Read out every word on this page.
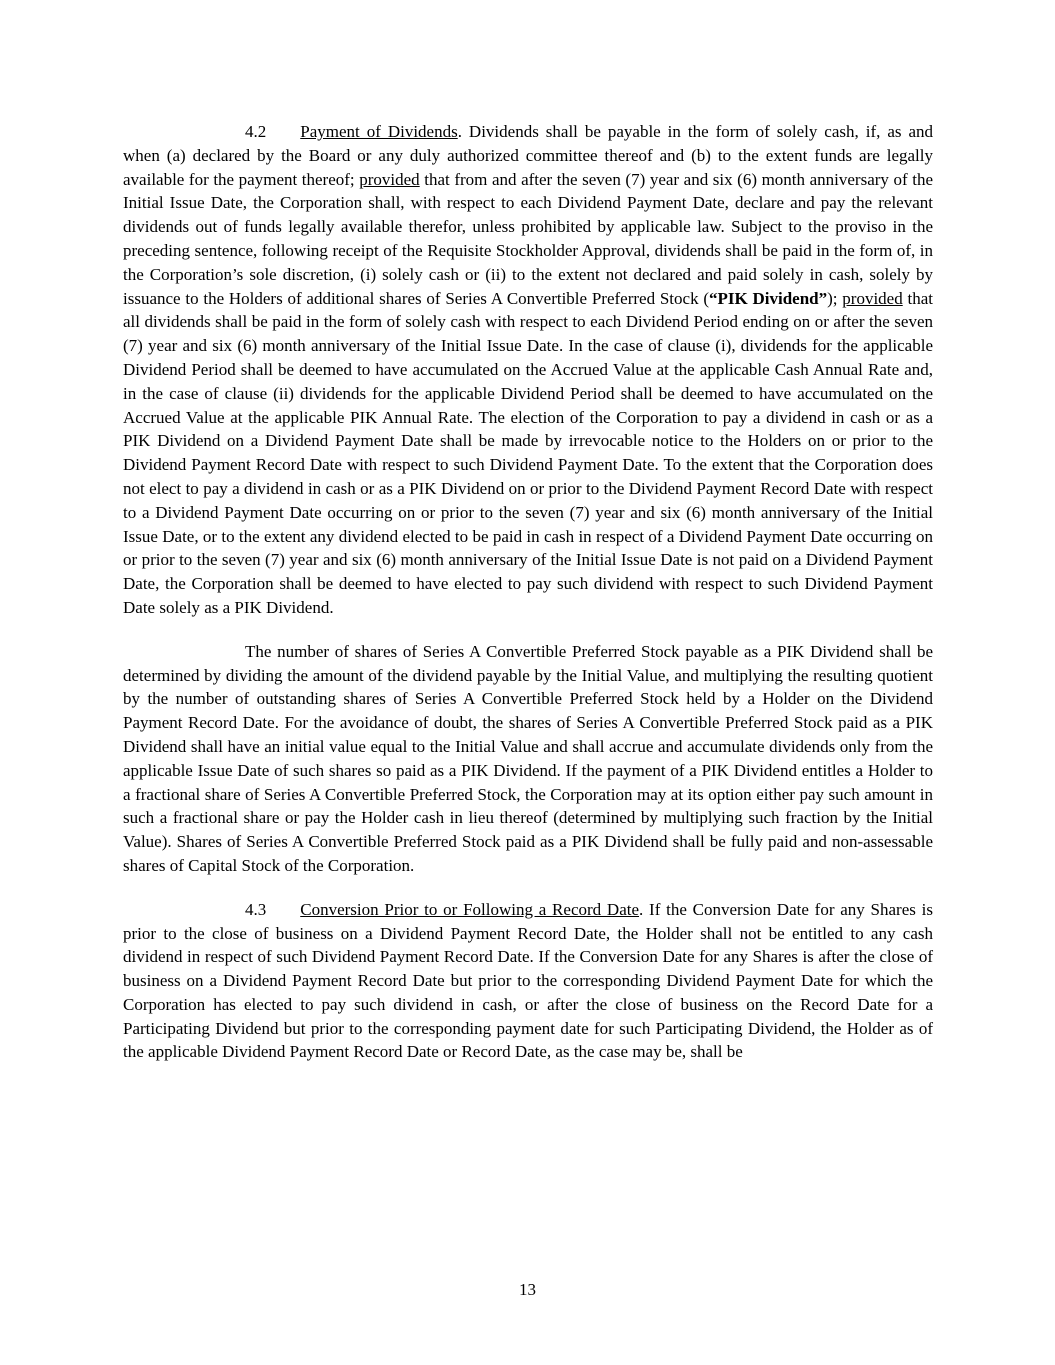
4.2 Payment of Dividends. Dividends shall be payable in the form of solely cash, if, as and when (a) declared by the Board or any duly authorized committee thereof and (b) to the extent funds are legally available for the payment thereof; provided that from and after the seven (7) year and six (6) month anniversary of the Initial Issue Date, the Corporation shall, with respect to each Dividend Payment Date, declare and pay the relevant dividends out of funds legally available therefor, unless prohibited by applicable law. Subject to the proviso in the preceding sentence, following receipt of the Requisite Stockholder Approval, dividends shall be paid in the form of, in the Corporation’s sole discretion, (i) solely cash or (ii) to the extent not declared and paid solely in cash, solely by issuance to the Holders of additional shares of Series A Convertible Preferred Stock (“PIK Dividend”); provided that all dividends shall be paid in the form of solely cash with respect to each Dividend Period ending on or after the seven (7) year and six (6) month anniversary of the Initial Issue Date. In the case of clause (i), dividends for the applicable Dividend Period shall be deemed to have accumulated on the Accrued Value at the applicable Cash Annual Rate and, in the case of clause (ii) dividends for the applicable Dividend Period shall be deemed to have accumulated on the Accrued Value at the applicable PIK Annual Rate. The election of the Corporation to pay a dividend in cash or as a PIK Dividend on a Dividend Payment Date shall be made by irrevocable notice to the Holders on or prior to the Dividend Payment Record Date with respect to such Dividend Payment Date. To the extent that the Corporation does not elect to pay a dividend in cash or as a PIK Dividend on or prior to the Dividend Payment Record Date with respect to a Dividend Payment Date occurring on or prior to the seven (7) year and six (6) month anniversary of the Initial Issue Date, or to the extent any dividend elected to be paid in cash in respect of a Dividend Payment Date occurring on or prior to the seven (7) year and six (6) month anniversary of the Initial Issue Date is not paid on a Dividend Payment Date, the Corporation shall be deemed to have elected to pay such dividend with respect to such Dividend Payment Date solely as a PIK Dividend.

The number of shares of Series A Convertible Preferred Stock payable as a PIK Dividend shall be determined by dividing the amount of the dividend payable by the Initial Value, and multiplying the resulting quotient by the number of outstanding shares of Series A Convertible Preferred Stock held by a Holder on the Dividend Payment Record Date. For the avoidance of doubt, the shares of Series A Convertible Preferred Stock paid as a PIK Dividend shall have an initial value equal to the Initial Value and shall accrue and accumulate dividends only from the applicable Issue Date of such shares so paid as a PIK Dividend. If the payment of a PIK Dividend entitles a Holder to a fractional share of Series A Convertible Preferred Stock, the Corporation may at its option either pay such amount in such a fractional share or pay the Holder cash in lieu thereof (determined by multiplying such fraction by the Initial Value). Shares of Series A Convertible Preferred Stock paid as a PIK Dividend shall be fully paid and non-assessable shares of Capital Stock of the Corporation.

4.3 Conversion Prior to or Following a Record Date. If the Conversion Date for any Shares is prior to the close of business on a Dividend Payment Record Date, the Holder shall not be entitled to any cash dividend in respect of such Dividend Payment Record Date. If the Conversion Date for any Shares is after the close of business on a Dividend Payment Record Date but prior to the corresponding Dividend Payment Date for which the Corporation has elected to pay such dividend in cash, or after the close of business on the Record Date for a Participating Dividend but prior to the corresponding payment date for such Participating Dividend, the Holder as of the applicable Dividend Payment Record Date or Record Date, as the case may be, shall be

13
